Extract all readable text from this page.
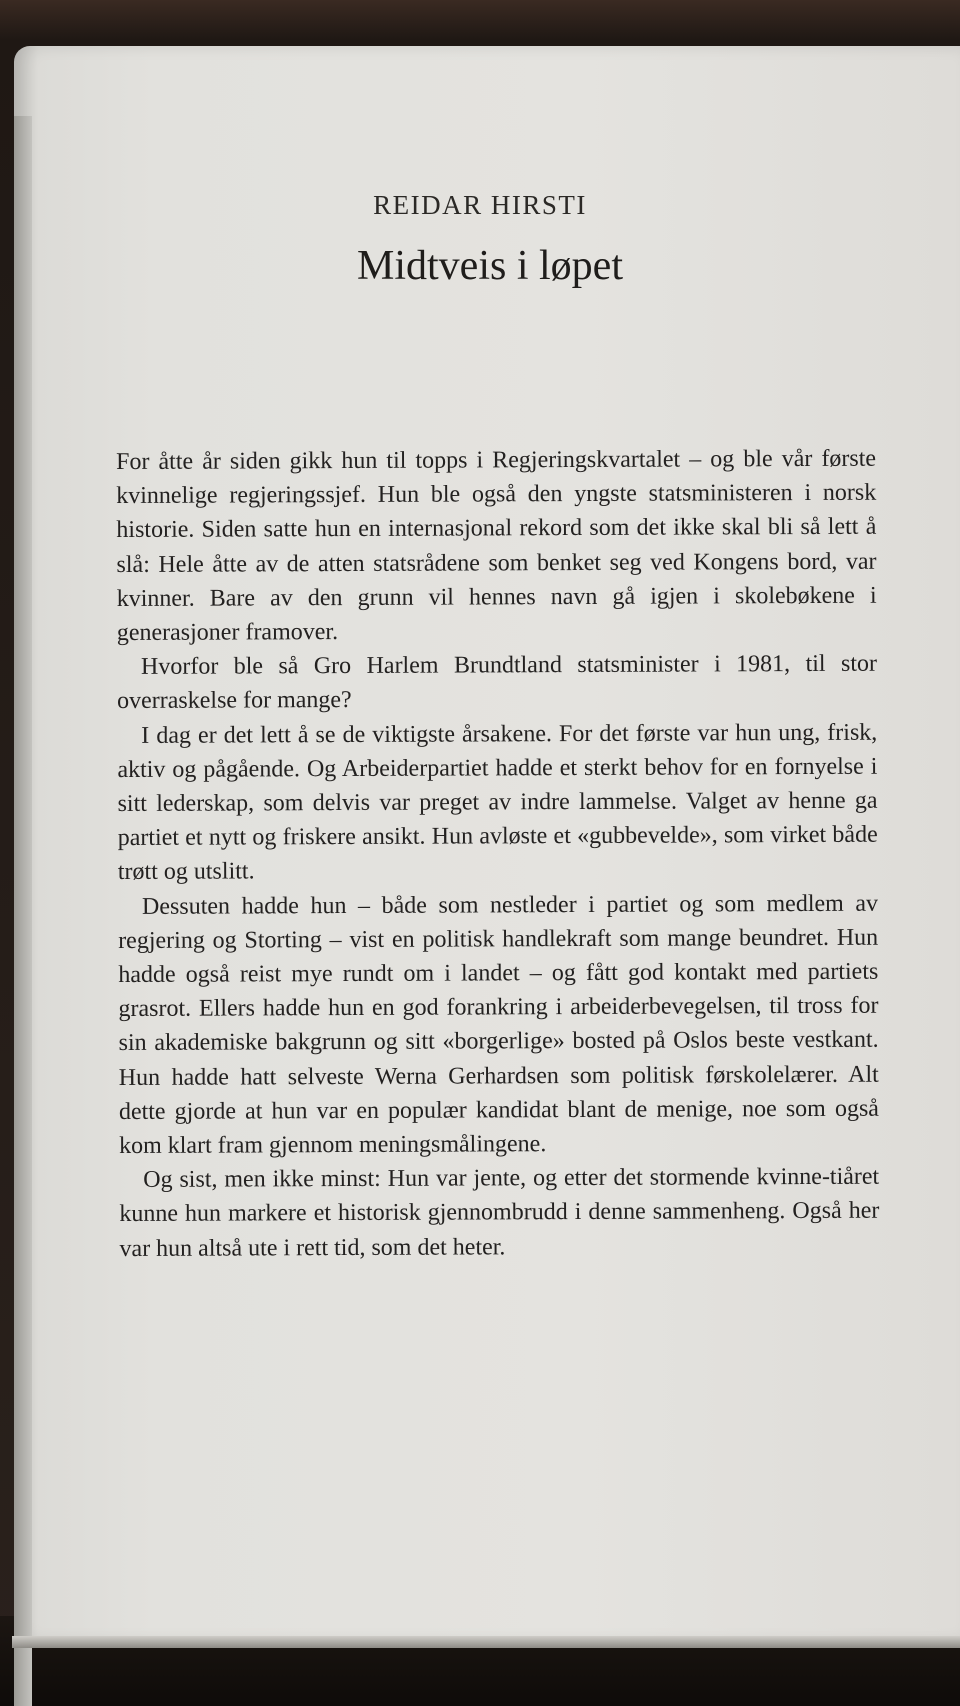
REIDAR HIRSTI
Midtveis i løpet

For åtte år siden gikk hun til topps i Regjeringskvartalet – og ble vår første kvinnelige regjeringssjef. Hun ble også den yngste statsministeren i norsk historie. Siden satte hun en internasjonal rekord som det ikke skal bli så lett å slå: Hele åtte av de atten statsrådene som benket seg ved Kongens bord, var kvinner. Bare av den grunn vil hennes navn gå igjen i skolebøkene i generasjoner framover.

Hvorfor ble så Gro Harlem Brundtland statsminister i 1981, til stor overraskelse for mange?

I dag er det lett å se de viktigste årsakene. For det første var hun ung, frisk, aktiv og pågående. Og Arbeiderpartiet hadde et sterkt behov for en fornyelse i sitt lederskap, som delvis var preget av indre lammelse. Valget av henne ga partiet et nytt og friskere ansikt. Hun avløste et «gubbevelde», som virket både trøtt og utslitt.

Dessuten hadde hun – både som nestleder i partiet og som medlem av regjering og Storting – vist en politisk handlekraft som mange beundret. Hun hadde også reist mye rundt om i landet – og fått god kontakt med partiets grasrot. Ellers hadde hun en god forankring i arbeiderbevegelsen, til tross for sin akademiske bakgrunn og sitt «borgerlige» bosted på Oslos beste vestkant. Hun hadde hatt selveste Werna Gerhardsen som politisk førskolelærer. Alt dette gjorde at hun var en populær kandidat blant de menige, noe som også kom klart fram gjennom meningsmålingene.

Og sist, men ikke minst: Hun var jente, og etter det stormende kvinne-tiåret kunne hun markere et historisk gjennombrudd i denne sammenheng. Også her var hun altså ute i rett tid, som det heter.
